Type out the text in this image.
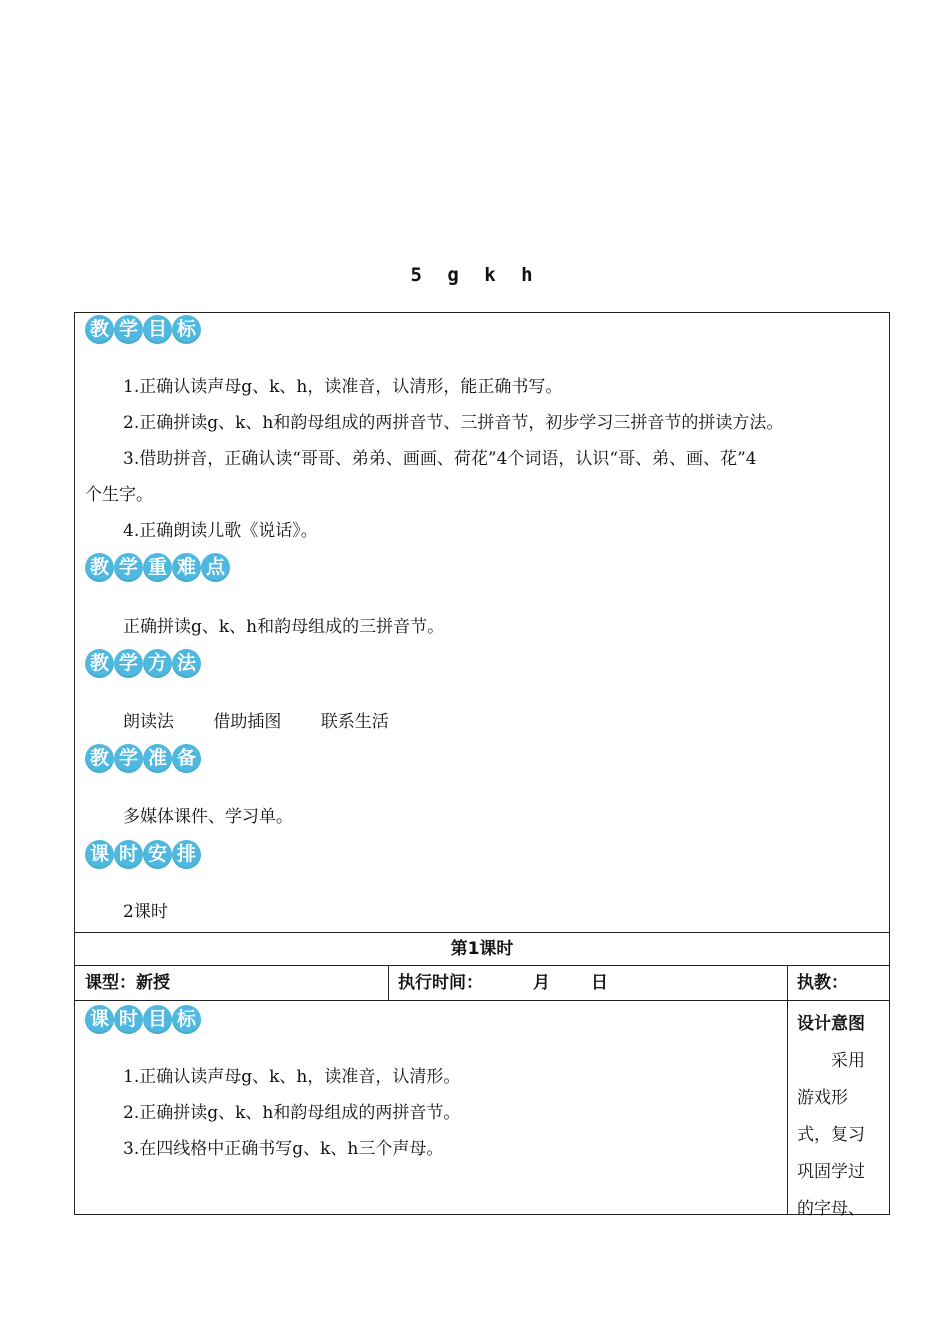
5 g k h
教 学 目 标
1.正确认读声母g、k、h，读准音，认清形，能正确书写。
2.正确拼读g、k、h和韵母组成的两拼音节、三拼音节，初步学习三拼音节的拼读方法。
3.借助拼音，正确认读“哥哥、弟弟、画画、荷花”4个词语，认识“哥、弟、画、花”4
个生字。
4.正确朗读儿歌《说话》。
教 学 重 难 点
正确拼读g、k、h和韵母组成的三拼音节。
教 学 方 法
朗读法 借助插图 联系生活
教 学 准 备
多媒体课件、学习单。
课 时 安 排
2课时
第1课时
课型：新授	执行时间：	月 日	执教：
课 时 目 标
1.正确认读声母g、k、h，读准音，认清形。
2.正确拼读g、k、h和韵母组成的两拼音节。
3.在四线格中正确书写g、k、h三个声母。
设计意图
采用游戏形式，复习巩固学过的字母、
